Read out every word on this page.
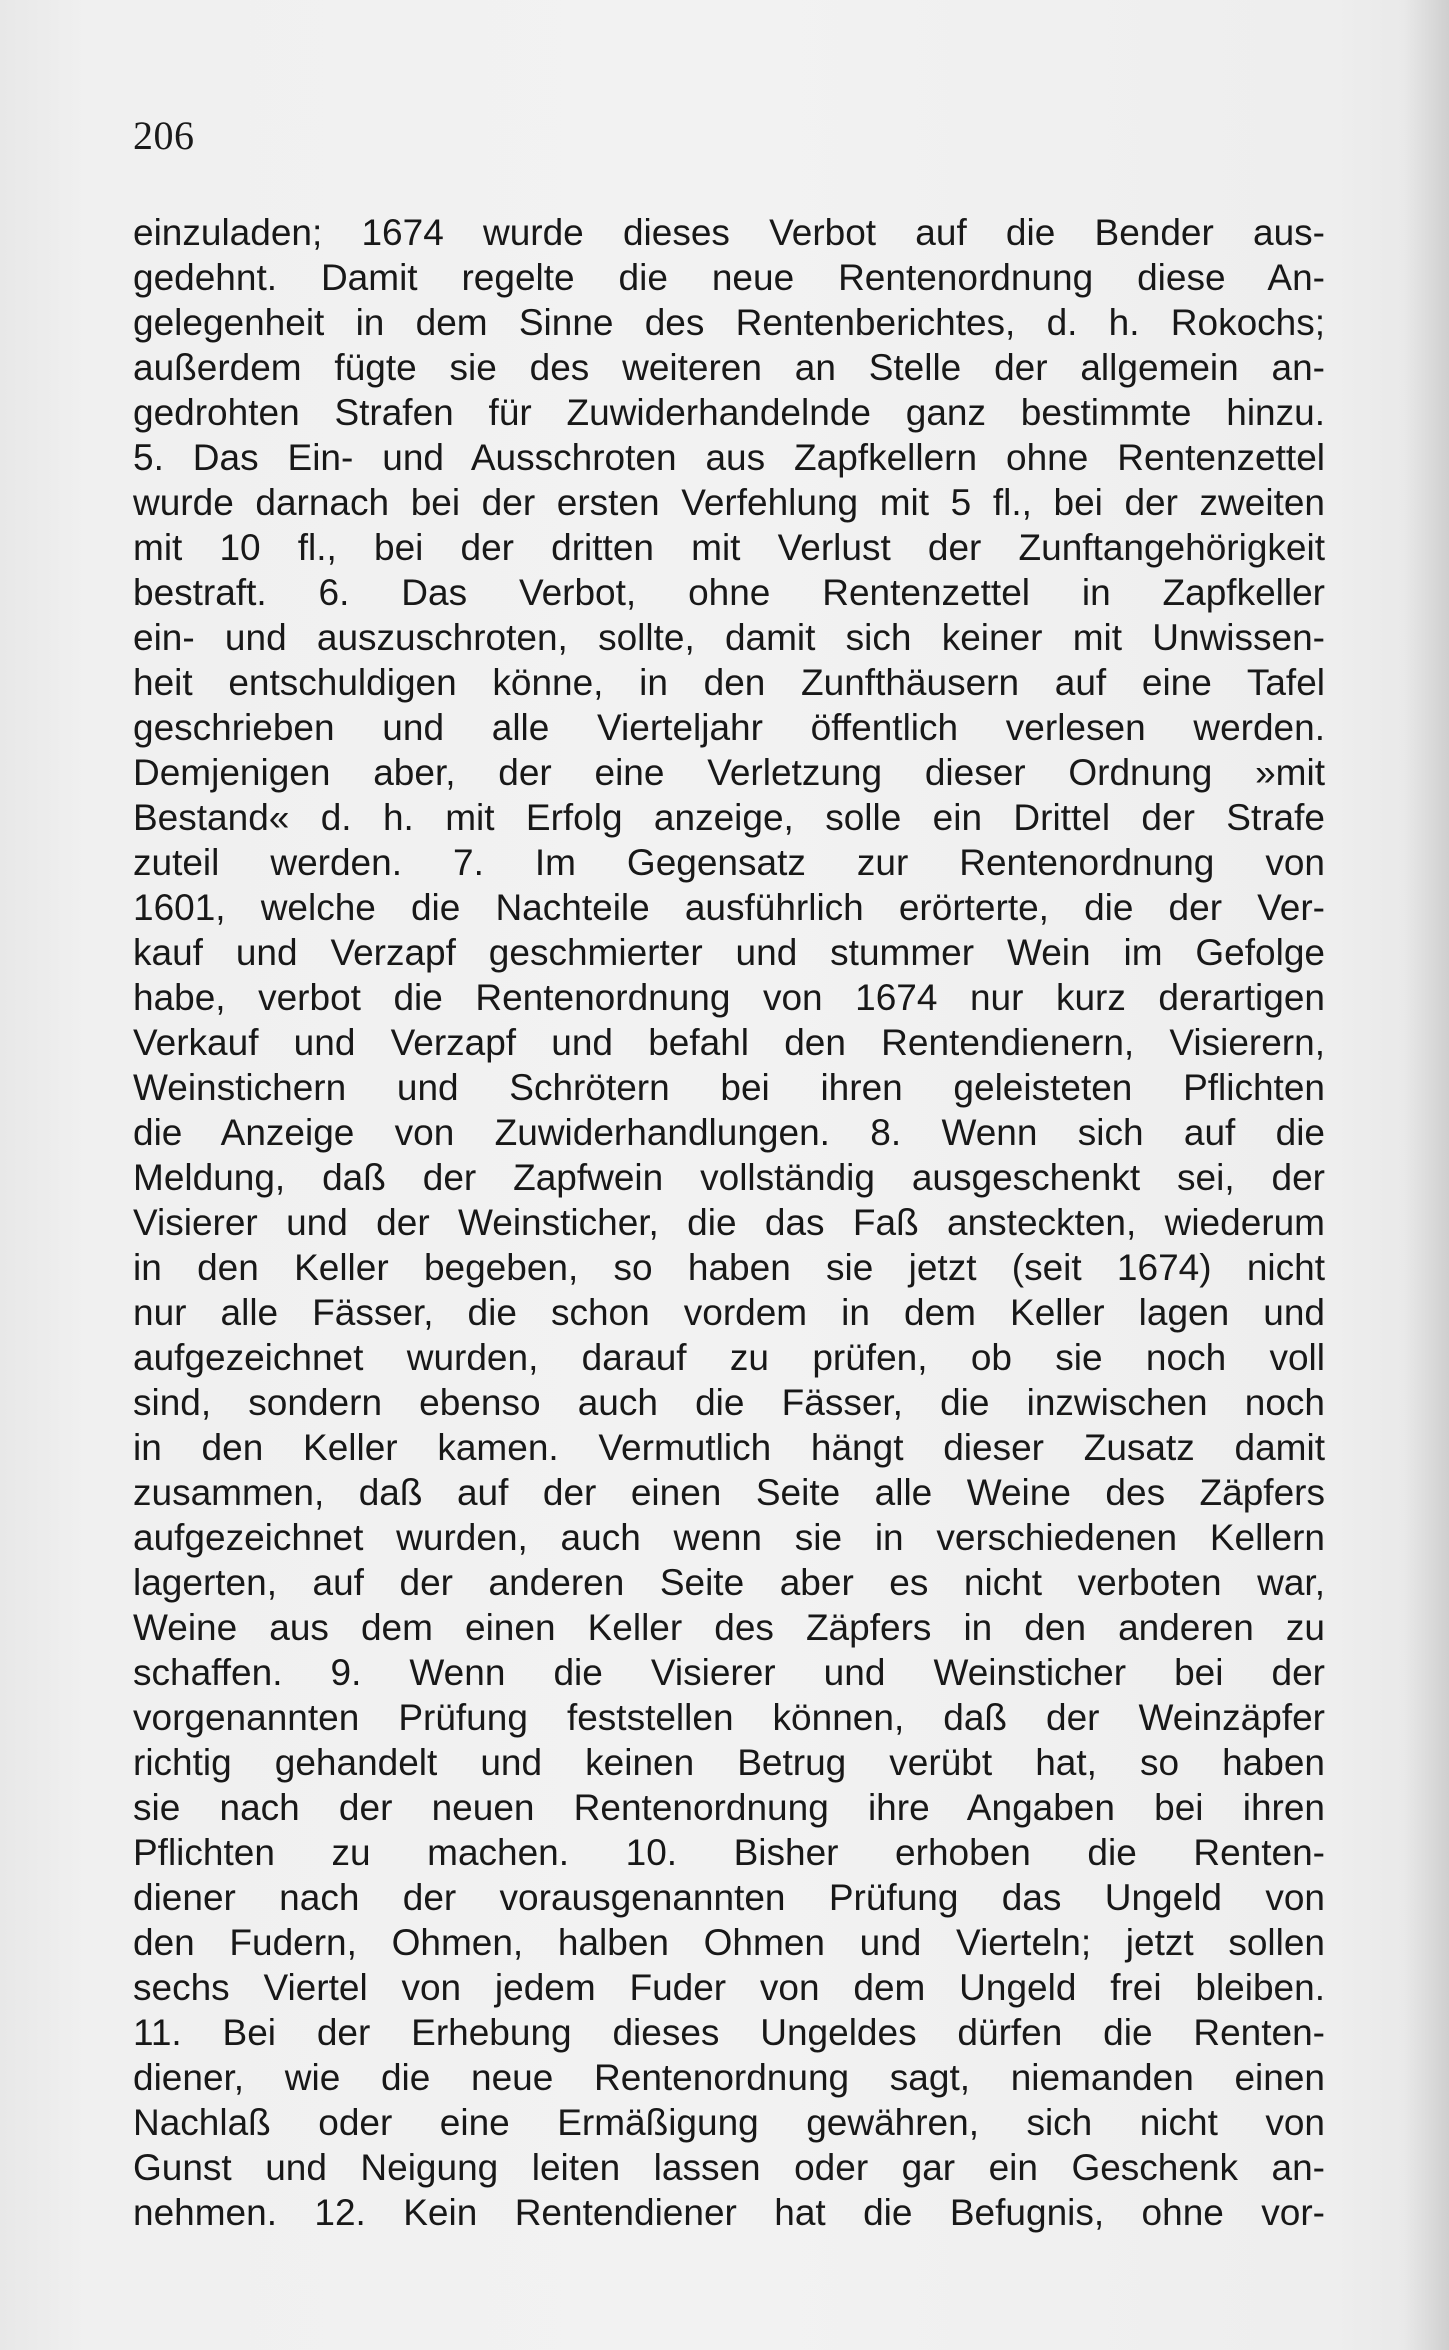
206
einzuladen; 1674 wurde dieses Verbot auf die Bender aus-
gedehnt. Damit regelte die neue Rentenordnung diese An-
gelegenheit in dem Sinne des Rentenberichtes, d. h. Rokochs;
außerdem fügte sie des weiteren an Stelle der allgemein an-
gedrohten Strafen für Zuwiderhandelnde ganz bestimmte hinzu.
5. Das Ein- und Ausschroten aus Zapfkellern ohne Rentenzettel
wurde darnach bei der ersten Verfehlung mit 5 fl., bei der zweiten
mit 10 fl., bei der dritten mit Verlust der Zunftangehörigkeit
bestraft. 6. Das Verbot, ohne Rentenzettel in Zapfkeller
ein- und auszuschroten, sollte, damit sich keiner mit Unwissen-
heit entschuldigen könne, in den Zunfthäusern auf eine Tafel
geschrieben und alle Vierteljahr öffentlich verlesen werden.
Demjenigen aber, der eine Verletzung dieser Ordnung »mit
Bestand« d. h. mit Erfolg anzeige, solle ein Drittel der Strafe
zuteil werden. 7. Im Gegensatz zur Rentenordnung von
1601, welche die Nachteile ausführlich erörterte, die der Ver-
kauf und Verzapf geschmierter und stummer Wein im Gefolge
habe, verbot die Rentenordnung von 1674 nur kurz derartigen
Verkauf und Verzapf und befahl den Rentendienern, Visierern,
Weinstichern und Schrötern bei ihren geleisteten Pflichten
die Anzeige von Zuwiderhandlungen. 8. Wenn sich auf die
Meldung, daß der Zapfwein vollständig ausgeschenkt sei, der
Visierer und der Weinsticher, die das Faß ansteckten, wiederum
in den Keller begeben, so haben sie jetzt (seit 1674) nicht
nur alle Fässer, die schon vordem in dem Keller lagen und
aufgezeichnet wurden, darauf zu prüfen, ob sie noch voll
sind, sondern ebenso auch die Fässer, die inzwischen noch
in den Keller kamen. Vermutlich hängt dieser Zusatz damit
zusammen, daß auf der einen Seite alle Weine des Zäpfers
aufgezeichnet wurden, auch wenn sie in verschiedenen Kellern
lagerten, auf der anderen Seite aber es nicht verboten war,
Weine aus dem einen Keller des Zäpfers in den anderen zu
schaffen. 9. Wenn die Visierer und Weinsticher bei der
vorgenannten Prüfung feststellen können, daß der Weinzäpfer
richtig gehandelt und keinen Betrug verübt hat, so haben
sie nach der neuen Rentenordnung ihre Angaben bei ihren
Pflichten zu machen. 10. Bisher erhoben die Renten-
diener nach der vorausgenannten Prüfung das Ungeld von
den Fudern, Ohmen, halben Ohmen und Vierteln; jetzt sollen
sechs Viertel von jedem Fuder von dem Ungeld frei bleiben.
11. Bei der Erhebung dieses Ungeldes dürfen die Renten-
diener, wie die neue Rentenordnung sagt, niemanden einen
Nachlaß oder eine Ermäßigung gewähren, sich nicht von
Gunst und Neigung leiten lassen oder gar ein Geschenk an-
nehmen. 12. Kein Rentendiener hat die Befugnis, ohne vor-
